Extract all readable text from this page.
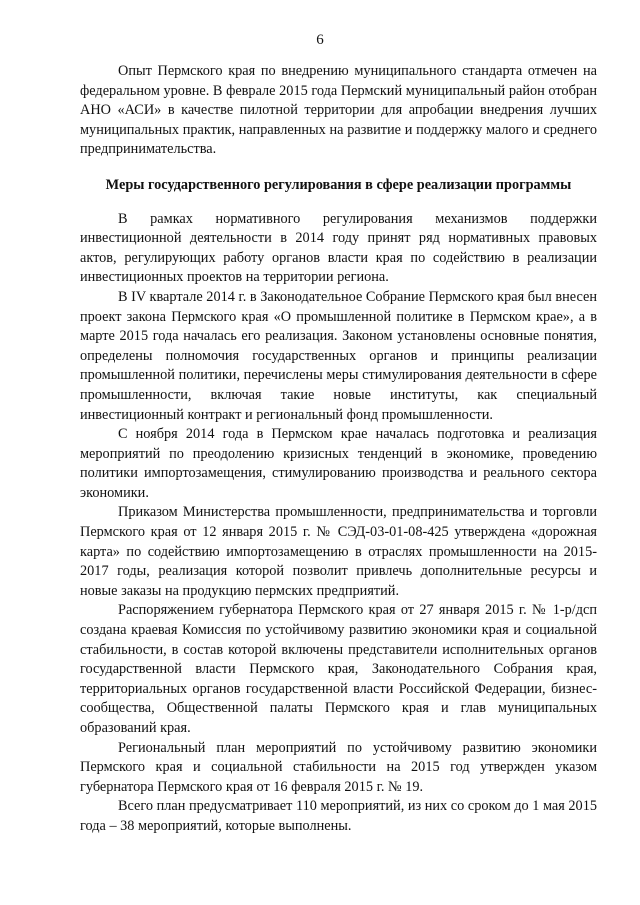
6

Опыт Пермского края по внедрению муниципального стандарта отмечен на федеральном уровне. В феврале 2015 года Пермский муниципальный район отобран АНО «АСИ» в качестве пилотной территории для апробации внедрения лучших муниципальных практик, направленных на развитие и поддержку малого и среднего предпринимательства.

Меры государственного регулирования в сфере реализации программы

В рамках нормативного регулирования механизмов поддержки инвестиционной деятельности в 2014 году принят ряд нормативных правовых актов, регулирующих работу органов власти края по содействию в реализации инвестиционных проектов на территории региона.

В IV квартале 2014 г. в Законодательное Собрание Пермского края был внесен проект закона Пермского края «О промышленной политике в Пермском крае», а в марте 2015 года началась его реализация. Законом установлены основные понятия, определены полномочия государственных органов и принципы реализации промышленной политики, перечислены меры стимулирования деятельности в сфере промышленности, включая такие новые институты, как специальный инвестиционный контракт и региональный фонд промышленности.

С ноября 2014 года в Пермском крае началась подготовка и реализация мероприятий по преодолению кризисных тенденций в экономике, проведению политики импортозамещения, стимулированию производства и реального сектора экономики.

Приказом Министерства промышленности, предпринимательства и торговли Пермского края от 12 января 2015 г. № СЭД-03-01-08-425 утверждена «дорожная карта» по содействию импортозамещению в отраслях промышленности на 2015-2017 годы, реализация которой позволит привлечь дополнительные ресурсы и новые заказы на продукцию пермских предприятий.

Распоряжением губернатора Пермского края от 27 января 2015 г. № 1-р/дсп создана краевая Комиссия по устойчивому развитию экономики края и социальной стабильности, в состав которой включены представители исполнительных органов государственной власти Пермского края, Законодательного Собрания края, территориальных органов государственной власти Российской Федерации, бизнес-сообщества, Общественной палаты Пермского края и глав муниципальных образований края.

Региональный план мероприятий по устойчивому развитию экономики Пермского края и социальной стабильности на 2015 год утвержден указом губернатора Пермского края от 16 февраля 2015 г. № 19.

Всего план предусматривает 110 мероприятий, из них со сроком до 1 мая 2015 года – 38 мероприятий, которые выполнены.
